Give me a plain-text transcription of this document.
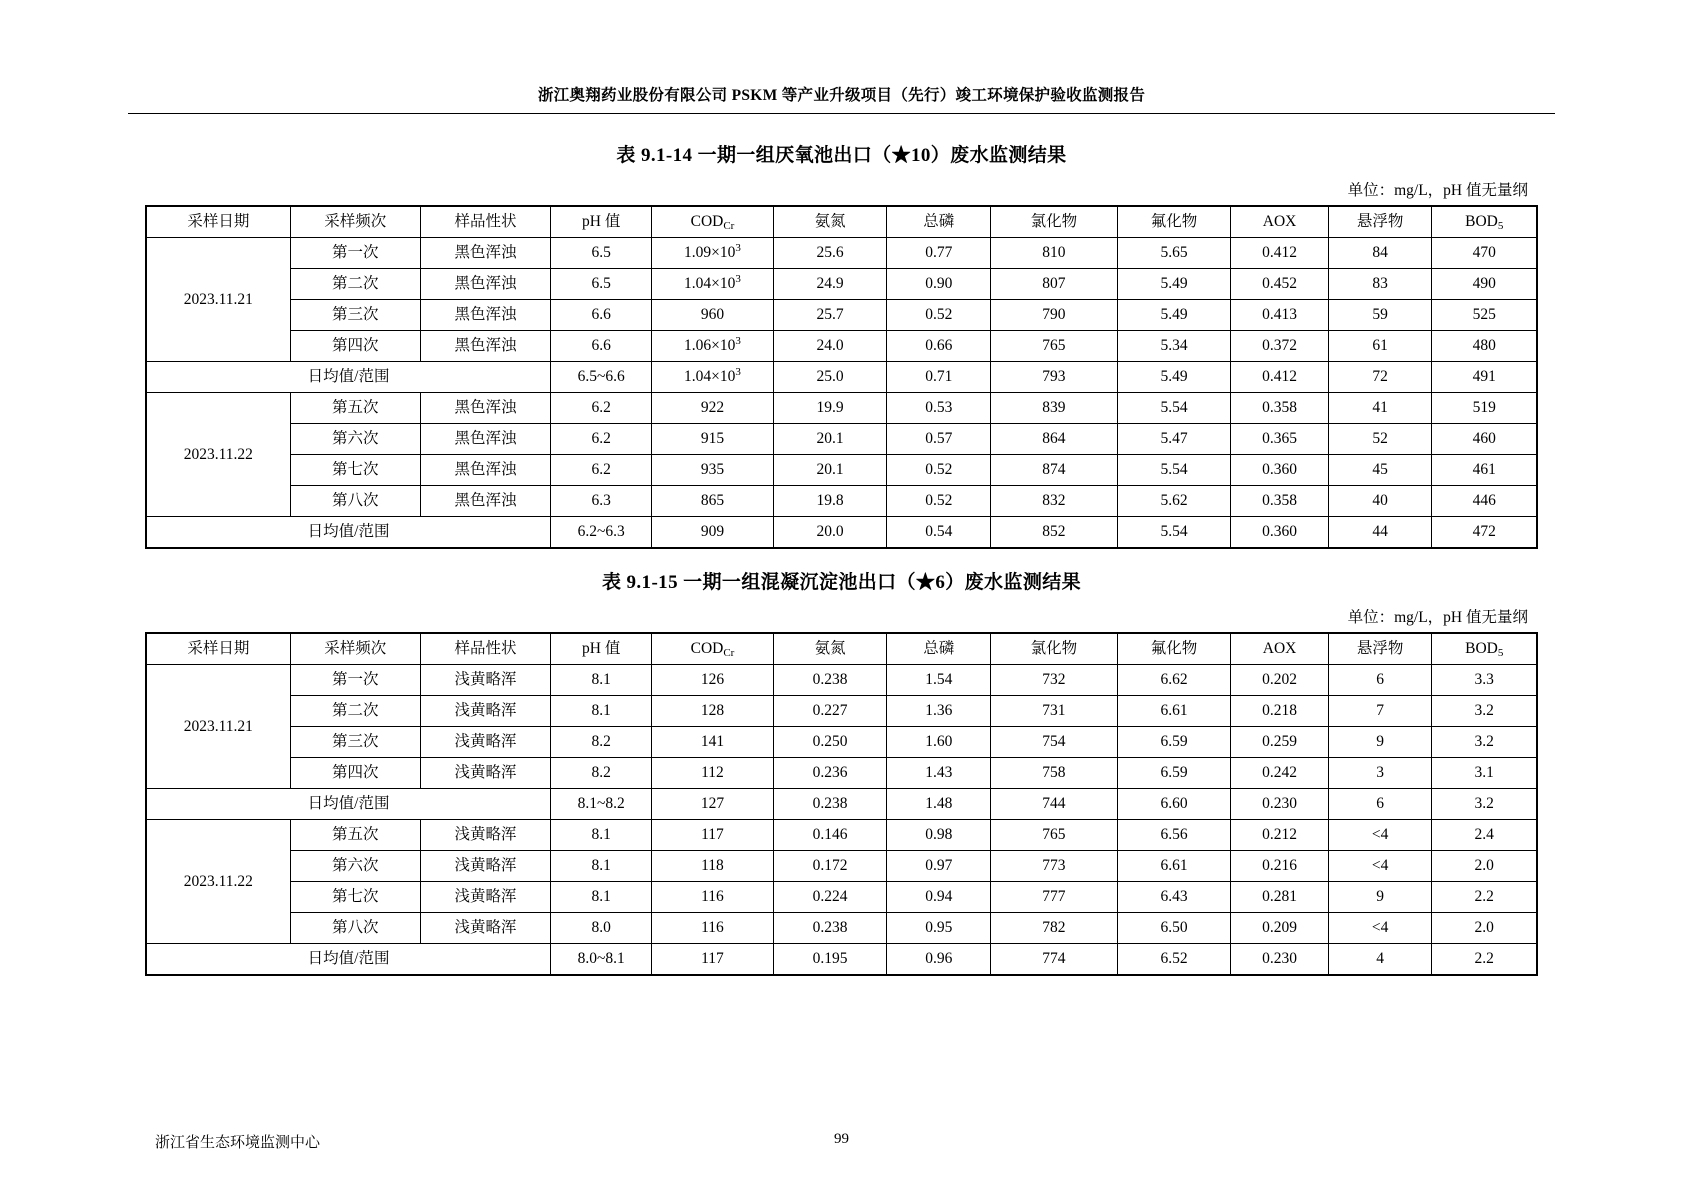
浙江奥翔药业股份有限公司 PSKM 等产业升级项目（先行）竣工环境保护验收监测报告
表 9.1-14 一期一组厌氧池出口（★10）废水监测结果
单位：mg/L，pH 值无量纲
采样日期	采样频次	样品性状	pH 值	$COD_{Cr}$	氨氮	总磷	氯化物	氟化物	AOX	悬浮物	$BOD_5$
2023.11.21	第一次	黑色浑浊	6.5	$1.09\times 10^3$	25.6	0.77	810	5.65	0.412	84	470
	第二次	黑色浑浊	6.5	$1.04\times 10^3$	24.9	0.90	807	5.49	0.452	83	490
	第三次	黑色浑浊	6.6	960	25.7	0.52	790	5.49	0.413	59	525
	第四次	黑色浑浊	6.6	$1.06\times 10^3$	24.0	0.66	765	5.34	0.372	61	480
日均值/范围			6.5~6.6	$1.04\times 10^3$	25.0	0.71	793	5.49	0.412	72	491
2023.11.22	第五次	黑色浑浊	6.2	922	19.9	0.53	839	5.54	0.358	41	519
	第六次	黑色浑浊	6.2	915	20.1	0.57	864	5.47	0.365	52	460
	第七次	黑色浑浊	6.2	935	20.1	0.52	874	5.54	0.360	45	461
	第八次	黑色浑浊	6.3	865	19.8	0.52	832	5.62	0.358	40	446
日均值/范围			6.2~6.3	909	20.0	0.54	852	5.54	0.360	44	472
表 9.1-15 一期一组混凝沉淀池出口（★6）废水监测结果
单位：mg/L，pH 值无量纲
采样日期	采样频次	样品性状	pH 值	$COD_{Cr}$	氨氮	总磷	氯化物	氟化物	AOX	悬浮物	$BOD_5$
2023.11.21	第一次	浅黄略浑	8.1	126	0.238	1.54	732	6.62	0.202	6	3.3
	第二次	浅黄略浑	8.1	128	0.227	1.36	731	6.61	0.218	7	3.2
	第三次	浅黄略浑	8.2	141	0.250	1.60	754	6.59	0.259	9	3.2
	第四次	浅黄略浑	8.2	112	0.236	1.43	758	6.59	0.242	3	3.1
日均值/范围			8.1~8.2	127	0.238	1.48	744	6.60	0.230	6	3.2
2023.11.22	第五次	浅黄略浑	8.1	117	0.146	0.98	765	6.56	0.212	<4	2.4
	第六次	浅黄略浑	8.1	118	0.172	0.97	773	6.61	0.216	<4	2.0
	第七次	浅黄略浑	8.1	116	0.224	0.94	777	6.43	0.281	9	2.2
	第八次	浅黄略浑	8.0	116	0.238	0.95	782	6.50	0.209	<4	2.0
日均值/范围			8.0~8.1	117	0.195	0.96	774	6.52	0.230	4	2.2
浙江省生态环境监测中心	99
